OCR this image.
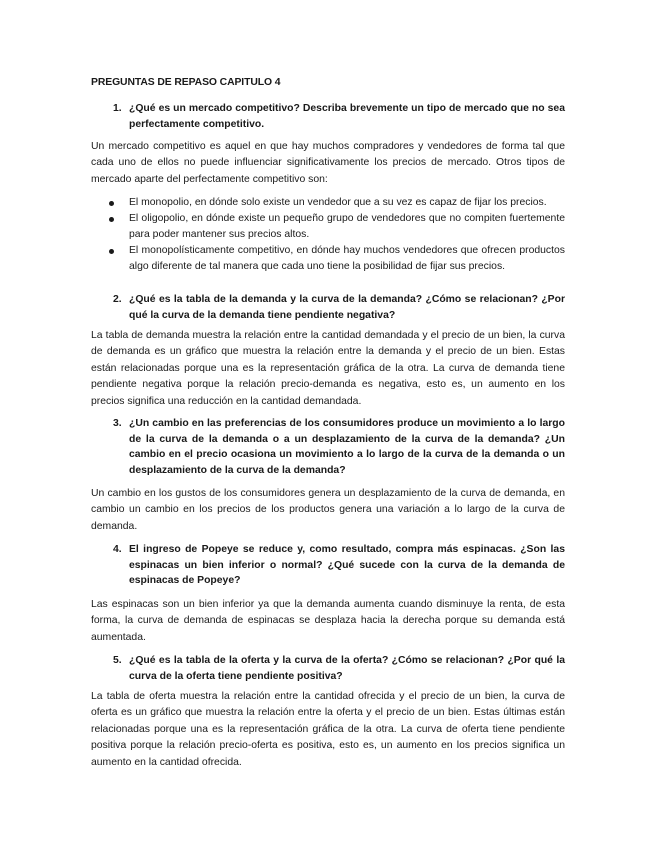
PREGUNTAS DE REPASO CAPITULO 4
1. ¿Qué es un mercado competitivo? Describa brevemente un tipo de mercado que no sea perfectamente competitivo.
Un mercado competitivo es aquel en que hay muchos compradores y vendedores de forma tal que cada uno de ellos no puede influenciar significativamente los precios de mercado. Otros tipos de mercado aparte del perfectamente competitivo son:
El monopolio, en dónde solo existe un vendedor que a su vez es capaz de fijar los precios.
El oligopolio, en dónde existe un pequeño grupo de vendedores que no compiten fuertemente para poder mantener sus precios altos.
El monopolísticamente competitivo, en dónde hay muchos vendedores que ofrecen productos algo diferente de tal manera que cada uno tiene la posibilidad de fijar sus precios.
2. ¿Qué es la tabla de la demanda y la curva de la demanda? ¿Cómo se relacionan? ¿Por qué la curva de la demanda tiene pendiente negativa?
La tabla de demanda muestra la relación entre la cantidad demandada y el precio de un bien, la curva de demanda es un gráfico que muestra la relación entre la demanda y el precio de un bien. Estas están relacionadas porque una es la representación gráfica de la otra. La curva de demanda tiene pendiente negativa porque la relación precio-demanda es negativa, esto es, un aumento en los precios significa una reducción en la cantidad demandada.
3. ¿Un cambio en las preferencias de los consumidores produce un movimiento a lo largo de la curva de la demanda o a un desplazamiento de la curva de la demanda? ¿Un cambio en el precio ocasiona un movimiento a lo largo de la curva de la demanda o un desplazamiento de la curva de la demanda?
Un cambio en los gustos de los consumidores genera un desplazamiento de la curva de demanda, en cambio un cambio en los precios de los productos genera una variación a lo largo de la curva de demanda.
4. El ingreso de Popeye se reduce y, como resultado, compra más espinacas. ¿Son las espinacas un bien inferior o normal? ¿Qué sucede con la curva de la demanda de espinacas de Popeye?
Las espinacas son un bien inferior ya que la demanda aumenta cuando disminuye la renta, de esta forma, la curva de demanda de espinacas se desplaza hacia la derecha porque su demanda está aumentada.
5. ¿Qué es la tabla de la oferta y la curva de la oferta? ¿Cómo se relacionan? ¿Por qué la curva de la oferta tiene pendiente positiva?
La tabla de oferta muestra la relación entre la cantidad ofrecida y el precio de un bien, la curva de oferta es un gráfico que muestra la relación entre la oferta y el precio de un bien. Estas últimas están relacionadas porque una es la representación gráfica de la otra. La curva de oferta tiene pendiente positiva porque la relación precio-oferta es positiva, esto es, un aumento en los precios significa un aumento en la cantidad ofrecida.
